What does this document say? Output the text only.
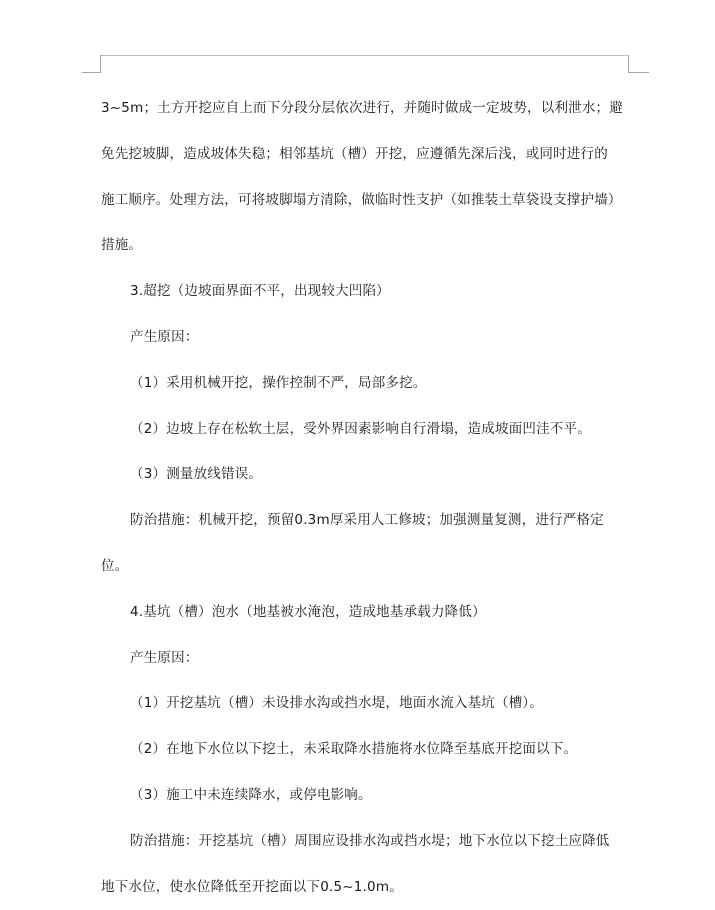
3~5m；土方开挖应自上而下分段分层依次进行，并随时做成一定坡势，以利泄水；避
免先挖坡脚，造成坡体失稳；相邻基坑（槽）开挖，应遵循先深后浅，或同时进行的
施工顺序。处理方法，可将坡脚塌方清除，做临时性支护（如推装土草袋设支撑护墙）
措施。
3.超挖（边坡面界面不平，出现较大凹陷）
产生原因：
（1）采用机械开挖，操作控制不严，局部多挖。
（2）边坡上存在松软土层，受外界因素影响自行滑塌，造成坡面凹洼不平。
（3）测量放线错误。
防治措施：机械开挖，预留0.3m厚采用人工修坡；加强测量复测，进行严格定
位。
4.基坑（槽）泡水（地基被水淹泡，造成地基承载力降低）
产生原因：
（1）开挖基坑（槽）未设排水沟或挡水堤，地面水流入基坑（槽）。
（2）在地下水位以下挖土，未采取降水措施将水位降至基底开挖面以下。
（3）施工中未连续降水，或停电影响。
防治措施：开挖基坑（槽）周围应设排水沟或挡水堤；地下水位以下挖土应降低
地下水位，使水位降低至开挖面以下0.5~1.0m。
